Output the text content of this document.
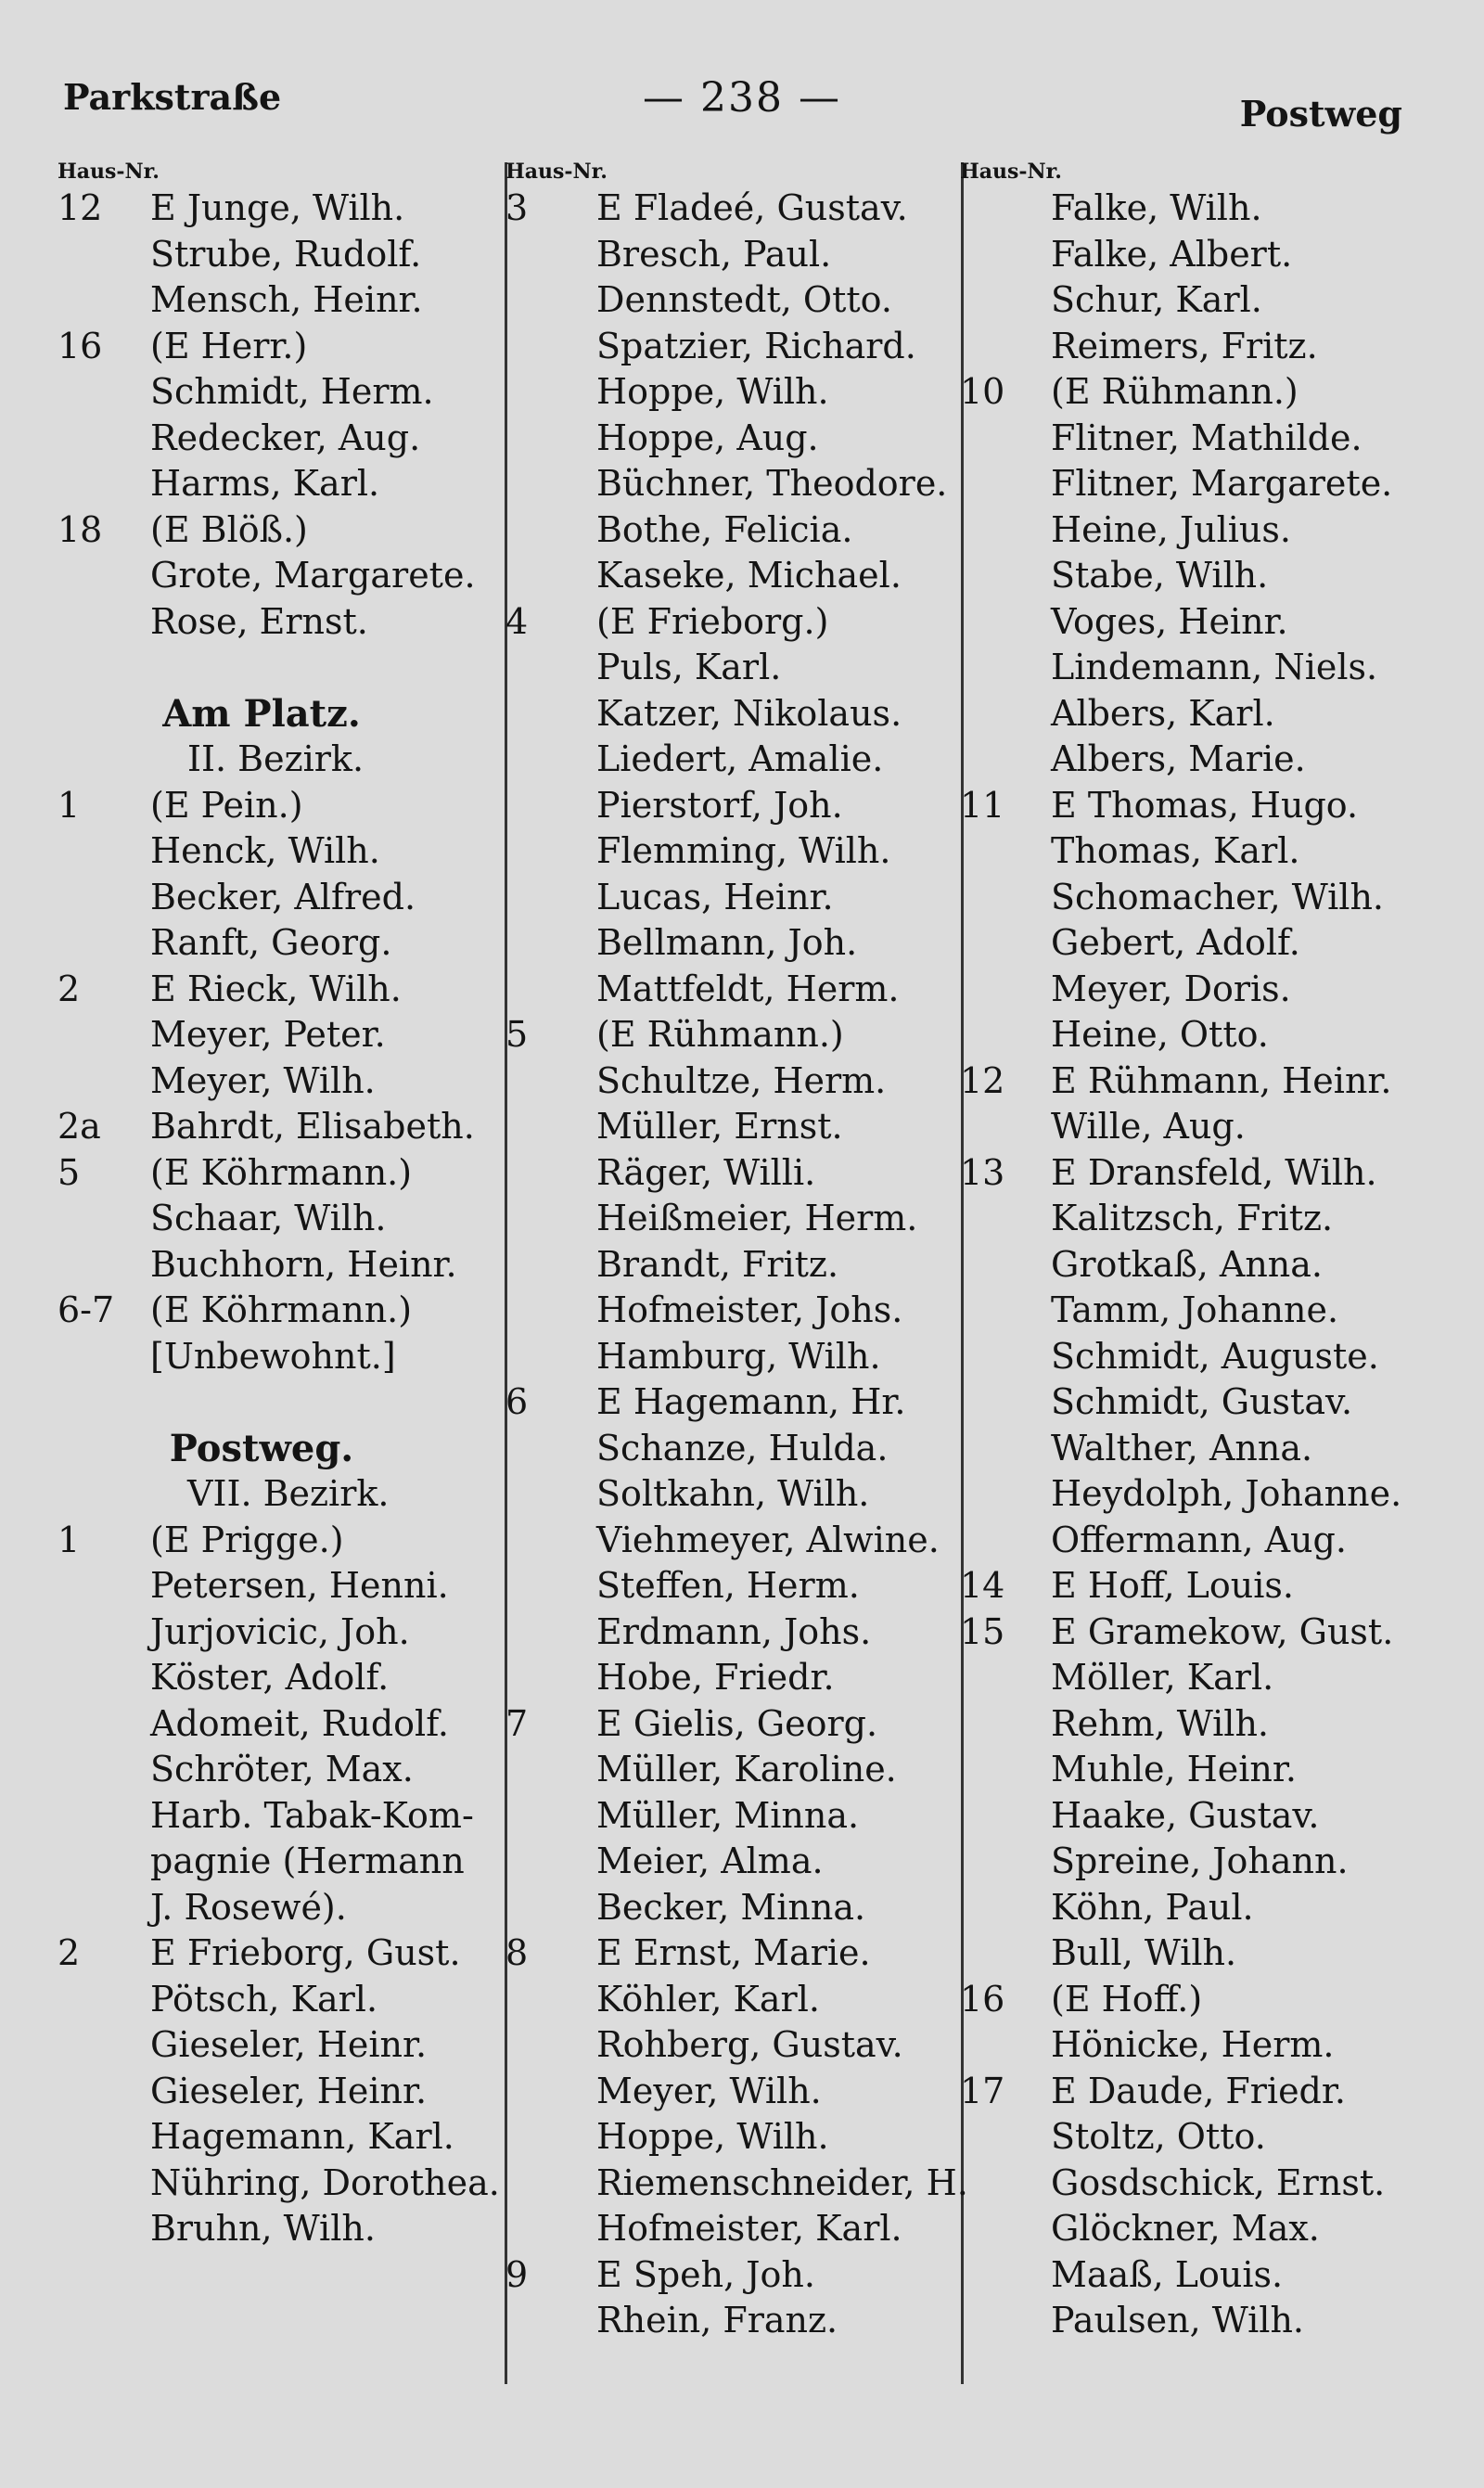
Parkstraße	— 238 —	Postweg
Haus-Nr.
12	E Junge, Wilh.
Strube, Rudolf.
Mensch, Heinr.
16	(E Herr.)
Schmidt, Herm.
Redecker, Aug.
Harms, Karl.
18	(E Blöß.)
Grote, Margarete.
Rose, Ernst.
Am Platz.
II. Bezirk.
1	(E Pein.)
Henck, Wilh.
Becker, Alfred.
Ranft, Georg.
2	E Rieck, Wilh.
Meyer, Peter.
Meyer, Wilh.
2a	Bahrdt, Elisabeth.
5	(E Köhrmann.)
Schaar, Wilh.
Buchhorn, Heinr.
6-7	(E Köhrmann.)
[Unbewohnt.]
Postweg.
VII. Bezirk.
1	(E Prigge.)
Petersen, Henni.
Jurjovicic, Joh.
Köster, Adolf.
Adomeit, Rudolf.
Schröter, Max.
Harb. Tabak-Kom-
pagnie (Hermann
J. Rosewé).
2	E Frieborg, Gust.
Pötsch, Karl.
Gieseler, Heinr.
Gieseler, Heinr.
Hagemann, Karl.
Nühring, Dorothea.
Bruhn, Wilh.
Haus-Nr.
3	E Fladeé, Gustav.
Bresch, Paul.
Dennstedt, Otto.
Spatzier, Richard.
Hoppe, Wilh.
Hoppe, Aug.
Büchner, Theodore.
Bothe, Felicia.
Kaseke, Michael.
4	(E Frieborg.)
Puls, Karl.
Katzer, Nikolaus.
Liedert, Amalie.
Pierstorf, Joh.
Flemming, Wilh.
Lucas, Heinr.
Bellmann, Joh.
Mattfeldt, Herm.
5	(E Rühmann.)
Schultze, Herm.
Müller, Ernst.
Räger, Willi.
Heißmeier, Herm.
Brandt, Fritz.
Hofmeister, Johs.
Hamburg, Wilh.
6	E Hagemann, Hr.
Schanze, Hulda.
Soltkahn, Wilh.
Viehmeyer, Alwine.
Steffen, Herm.
Erdmann, Johs.
Hobe, Friedr.
7	E Gielis, Georg.
Müller, Karoline.
Müller, Minna.
Meier, Alma.
Becker, Minna.
8	E Ernst, Marie.
Köhler, Karl.
Rohberg, Gustav.
Meyer, Wilh.
Hoppe, Wilh.
Riemenschneider, H.
Hofmeister, Karl.
9	E Speh, Joh.
Rhein, Franz.
Haus-Nr.
Falke, Wilh.
Falke, Albert.
Schur, Karl.
Reimers, Fritz.
10	(E Rühmann.)
Flitner, Mathilde.
Flitner, Margarete.
Heine, Julius.
Stabe, Wilh.
Voges, Heinr.
Lindemann, Niels.
Albers, Karl.
Albers, Marie.
11	E Thomas, Hugo.
Thomas, Karl.
Schomacher, Wilh.
Gebert, Adolf.
Meyer, Doris.
Heine, Otto.
12	E Rühmann, Heinr.
Wille, Aug.
13	E Dransfeld, Wilh.
Kalitzsch, Fritz.
Grotkaß, Anna.
Tamm, Johanne.
Schmidt, Auguste.
Schmidt, Gustav.
Walther, Anna.
Heydolph, Johanne.
Offermann, Aug.
14	E Hoff, Louis.
15	E Gramekow, Gust.
Möller, Karl.
Rehm, Wilh.
Muhle, Heinr.
Haake, Gustav.
Spreine, Johann.
Köhn, Paul.
Bull, Wilh.
16	(E Hoff.)
Hönicke, Herm.
17	E Daude, Friedr.
Stoltz, Otto.
Gosdschick, Ernst.
Glöckner, Max.
Maaß, Louis.
Paulsen, Wilh.
